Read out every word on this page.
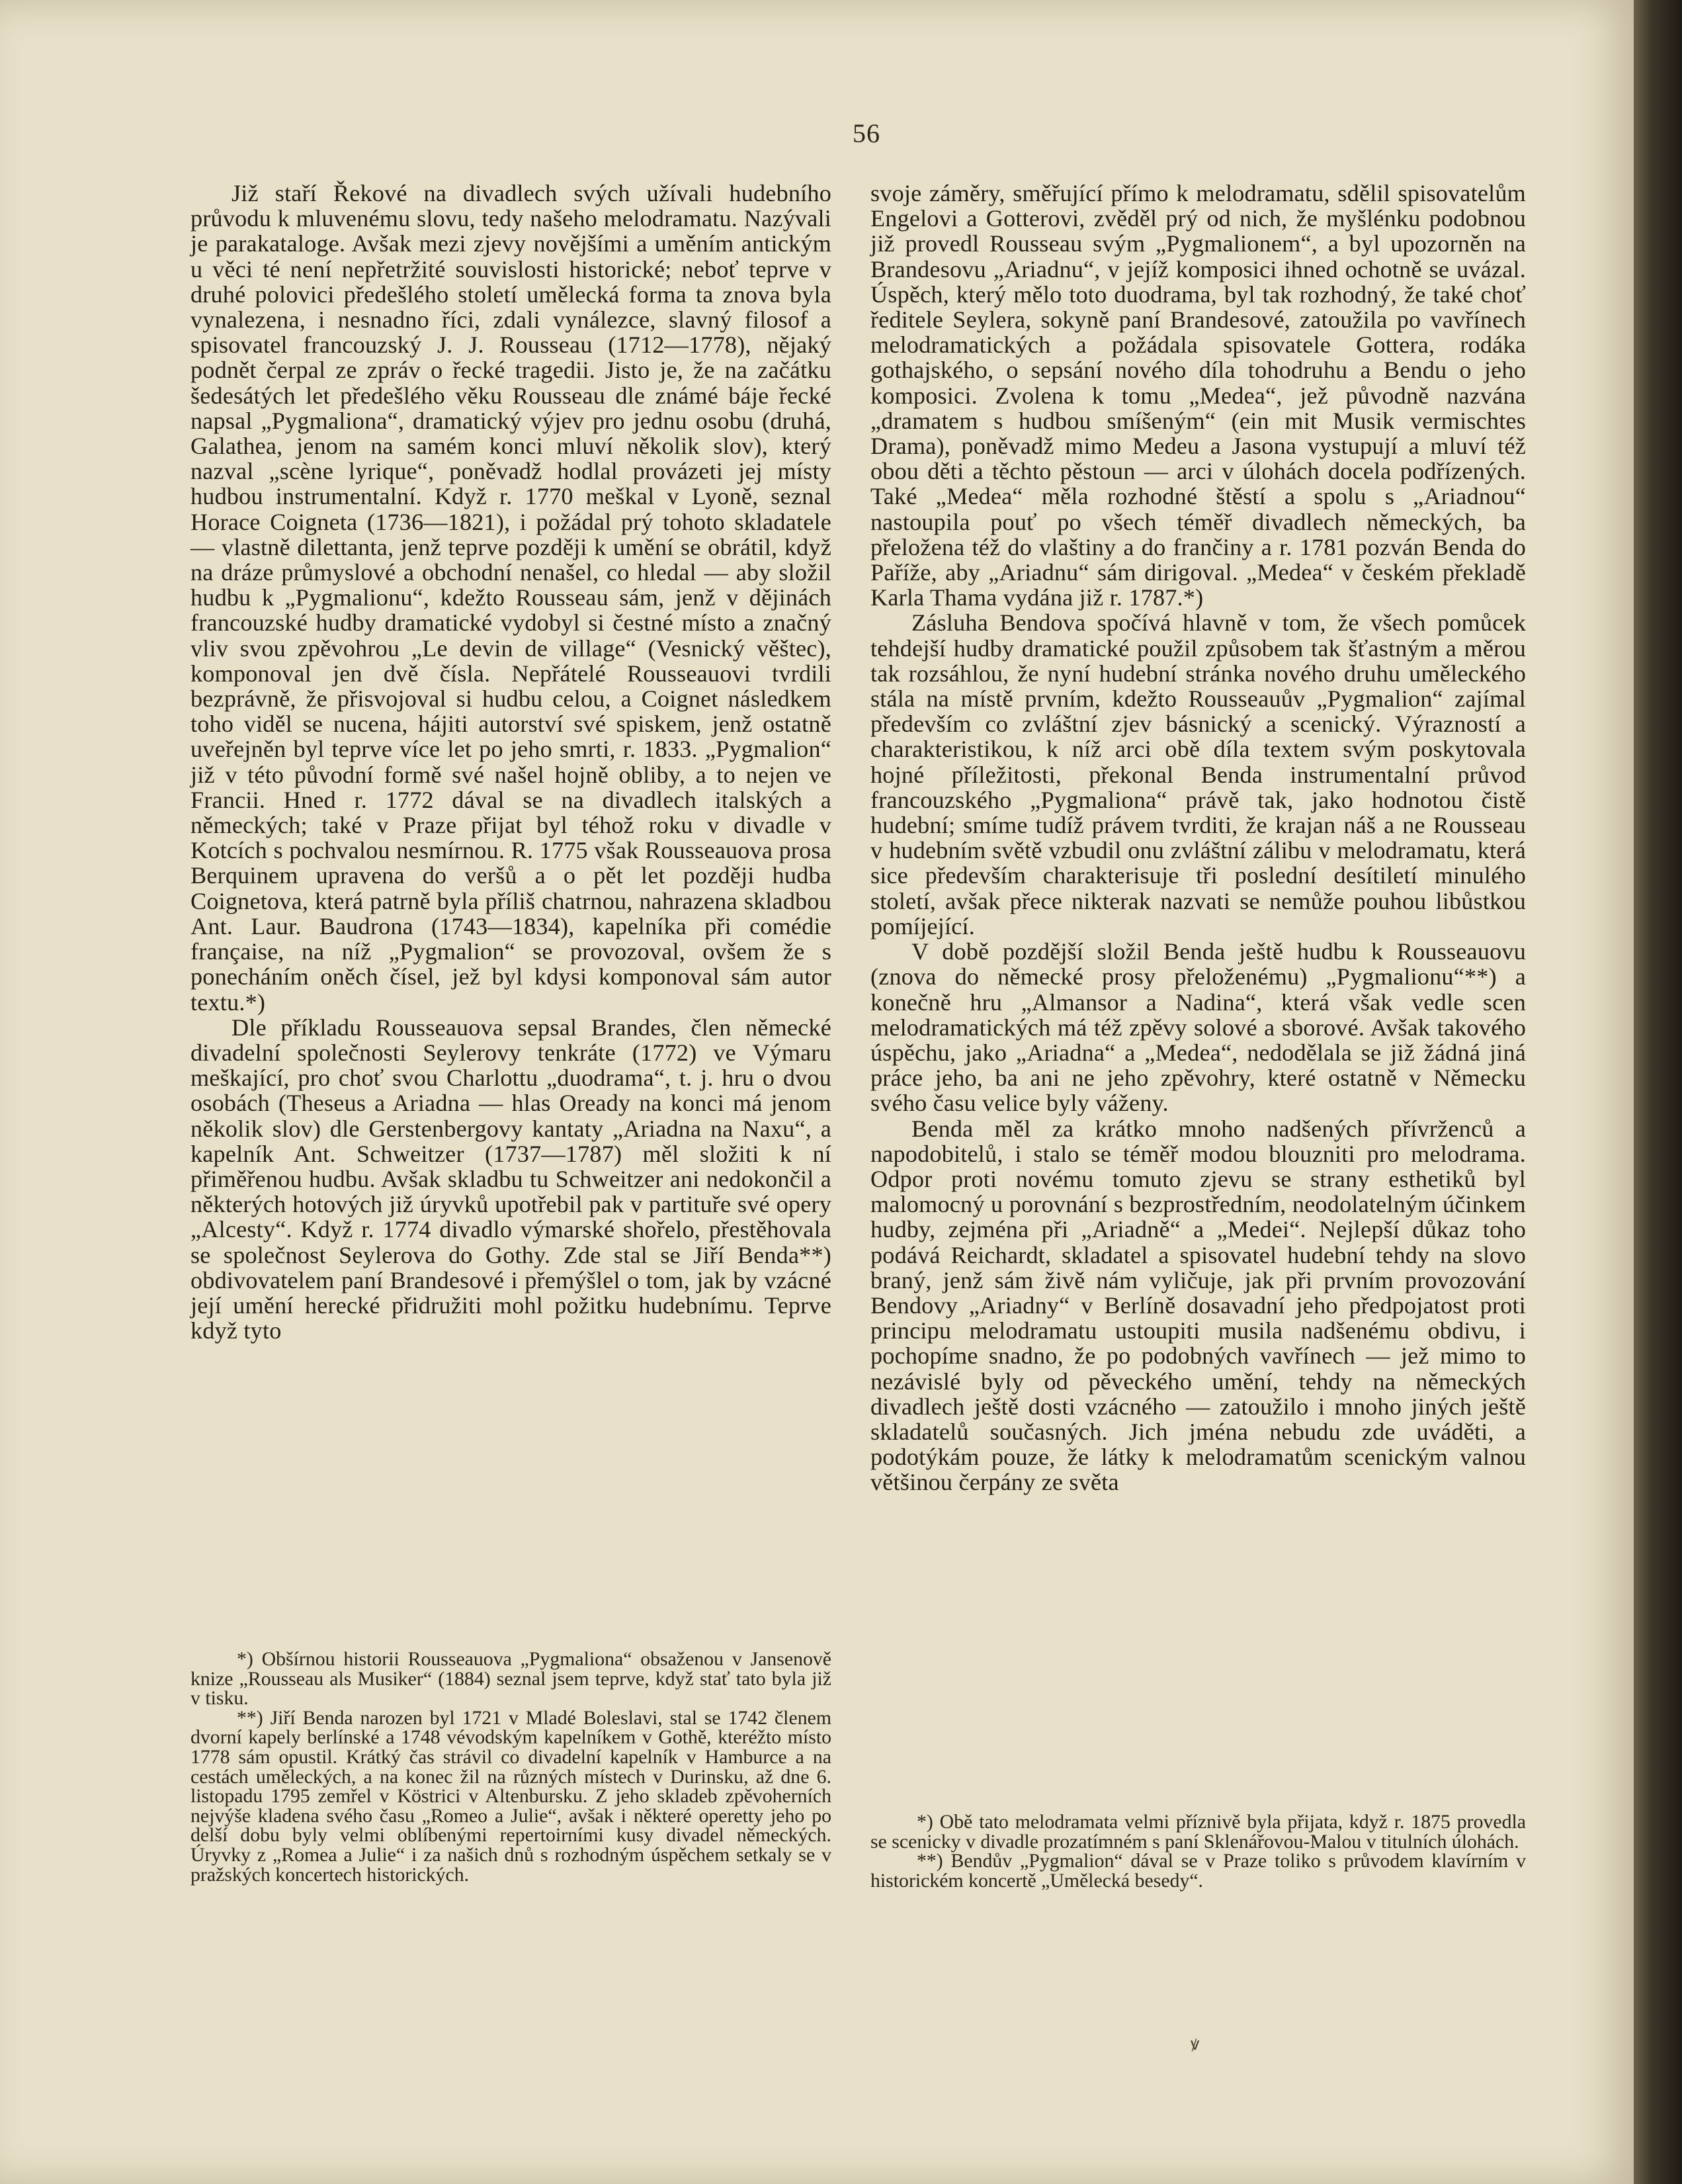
56

Již staří Řekové na divadlech svých užívali hudebního průvodu k mluvenému slovu, tedy našeho melodramatu. Nazývali je parakataloge. Avšak mezi zjevy novějšími a uměním antickým u věci té není nepřetržité souvislosti historické; neboť teprve v druhé polovici předešlého století umělecká forma ta znova byla vynalezena, i nesnadno říci, zdali vynálezce, slavný filosof a spisovatel francouzský J. J. Rousseau (1712—1778), nějaký podnět čerpal ze zpráv o řecké tragedii. Jisto je, že na začátku šedesátých let předešlého věku Rousseau dle známé báje řecké napsal „Pygmaliona“, dramatický výjev pro jednu osobu (druhá, Galathea, jenom na samém konci mluví několik slov), který nazval „scène lyrique“, poněvadž hodlal provázeti jej místy hudbou instrumentalní. Když r. 1770 meškal v Lyoně, seznal Horace Coigneta (1736—1821), i požádal prý tohoto skladatele — vlastně dilettanta, jenž teprve později k umění se obrátil, když na dráze průmyslové a obchodní nenašel, co hledal — aby složil hudbu k „Pygmalionu“, kdežto Rousseau sám, jenž v dějinách francouzské hudby dramatické vydobyl si čestné místo a značný vliv svou zpěvohrou „Le devin de village“ (Vesnický věštec), komponoval jen dvě čísla. Nepřátelé Rousseauovi tvrdili bezprávně, že přisvojoval si hudbu celou, a Coignet následkem toho viděl se nucena, hájiti autorství své spiskem, jenž ostatně uveřejněn byl teprve více let po jeho smrti, r. 1833. „Pygmalion“ již v této původní formě své našel hojně obliby, a to nejen ve Francii. Hned r. 1772 dával se na divadlech italských a německých; také v Praze přijat byl téhož roku v divadle v Kotcích s pochvalou nesmírnou. R. 1775 však Rousseauova prosa Berquinem upravena do veršů a o pět let později hudba Coignetova, která patrně byla příliš chatrnou, nahrazena skladbou Ant. Laur. Baudrona (1743—1834), kapelníka při comédie française, na níž „Pygmalion“ se provozoval, ovšem že s ponecháním oněch čísel, jež byl kdysi komponoval sám autor textu.*)

Dle příkladu Rousseauova sepsal Brandes, člen německé divadelní společnosti Seylerovy tenkráte (1772) ve Výmaru meškající, pro choť svou Charlottu „duodrama“, t. j. hru o dvou osobách (Theseus a Ariadna — hlas Oready na konci má jenom několik slov) dle Gerstenbergovy kantaty „Ariadna na Naxu“, a kapelník Ant. Schweitzer (1737—1787) měl složiti k ní přiměřenou hudbu. Avšak skladbu tu Schweitzer ani nedokončil a některých hotových již úryvků upotřebil pak v partituře své opery „Alcesty“. Když r. 1774 divadlo výmarské shořelo, přestěhovala se společnost Seylerova do Gothy. Zde stal se Jiří Benda**) obdivovatelem paní Brandesové i přemýšlel o tom, jak by vzácné její umění herecké přidružiti mohl požitku hudebnímu. Teprve když tyto

svoje záměry, směřující přímo k melodramatu, sdělil spisovatelům Engelovi a Gotterovi, zvěděl prý od nich, že myšlénku podobnou již provedl Rousseau svým „Pygmalionem“, a byl upozorněn na Brandesovu „Ariadnu“, v jejíž komposici ihned ochotně se uvázal. Úspěch, který mělo toto duodrama, byl tak rozhodný, že také choť ředitele Seylera, sokyně paní Brandesové, zatoužila po vavřínech melodramatických a požádala spisovatele Gottera, rodáka gothajského, o sepsání nového díla tohodruhu a Bendu o jeho komposici. Zvolena k tomu „Medea“, jež původně nazvána „dramatem s hudbou smíšeným“ (ein mit Musik vermischtes Drama), poněvadž mimo Medeu a Jasona vystupují a mluví též obou děti a těchto pěstoun — arci v úlohách docela podřízených. Také „Medea“ měla rozhodné štěstí a spolu s „Ariadnou“ nastoupila pouť po všech téměř divadlech německých, ba přeložena též do vlaštiny a do frančiny a r. 1781 pozván Benda do Paříže, aby „Ariadnu“ sám dirigoval. „Medea“ v českém překladě Karla Thama vydána již r. 1787.*)

Zásluha Bendova spočívá hlavně v tom, že všech pomůcek tehdejší hudby dramatické použil způsobem tak šťastným a měrou tak rozsáhlou, že nyní hudební stránka nového druhu uměleckého stála na místě prvním, kdežto Rousseauův „Pygmalion“ zajímal především co zvláštní zjev básnický a scenický. Výrazností a charakteristikou, k níž arci obě díla textem svým poskytovala hojné příležitosti, překonal Benda instrumentalní průvod francouzského „Pygmaliona“ právě tak, jako hodnotou čistě hudební; smíme tudíž právem tvrditi, že krajan náš a ne Rousseau v hudebním světě vzbudil onu zvláštní zálibu v melodramatu, která sice především charakterisuje tři poslední desítiletí minulého století, avšak přece nikterak nazvati se nemůže pouhou libůstkou pomíjející.

V době pozdější složil Benda ještě hudbu k Rousseauovu (znova do německé prosy přeloženému) „Pygmalionu“**) a konečně hru „Almansor a Nadina“, která však vedle scen melodramatických má též zpěvy solové a sborové. Avšak takového úspěchu, jako „Ariadna“ a „Medea“, nedodělala se již žádná jiná práce jeho, ba ani ne jeho zpěvohry, které ostatně v Německu svého času velice byly váženy.

Benda měl za krátko mnoho nadšených přívrženců a napodobitelů, i stalo se téměř modou blouzniti pro melodrama. Odpor proti novému tomuto zjevu se strany esthetiků byl malomocný u porovnání s bezprostředním, neodolatelným účinkem hudby, zejména při „Ariadně“ a „Medei“. Nejlepší důkaz toho podává Reichardt, skladatel a spisovatel hudební tehdy na slovo braný, jenž sám živě nám vyličuje, jak při prvním provozování Bendovy „Ariadny“ v Berlíně dosavadní jeho předpojatost proti principu melodramatu ustoupiti musila nadšenému obdivu, i pochopíme snadno, že po podobných vavřínech — jež mimo to nezávislé byly od pěveckého umění, tehdy na německých divadlech ještě dosti vzácného — zatoužilo i mnoho jiných ještě skladatelů současných. Jich jména nebudu zde uváděti, a podotýkám pouze, že látky k melodramatům scenickým valnou většinou čerpány ze světa

*) Obšírnou historii Rousseauova „Pygmaliona“ obsaženou v Jansenově knize „Rousseau als Musiker“ (1884) seznal jsem teprve, když stať tato byla již v tisku.

**) Jiří Benda narozen byl 1721 v Mladé Boleslavi, stal se 1742 členem dvorní kapely berlínské a 1748 vévodským kapelníkem v Gothě, kteréžto místo 1778 sám opustil. Krátký čas strávil co divadelní kapelník v Hamburce a na cestách uměleckých, a na konec žil na různých místech v Durinsku, až dne 6. listopadu 1795 zemřel v Köstrici v Altenbursku. Z jeho skladeb zpěvoherních nejvýše kladena svého času „Romeo a Julie“, avšak i některé operetty jeho po delší dobu byly velmi oblíbenými repertoirními kusy divadel německých. Úryvky z „Romea a Julie“ i za našich dnů s rozhodným úspěchem setkaly se v pražských koncertech historických.

*) Obě tato melodramata velmi příznivě byla přijata, když r. 1875 provedla se scenicky v divadle prozatímném s paní Sklenářovou-Malou v titulních úlohách.

**) Bendův „Pygmalion“ dával se v Praze toliko s průvodem klavírním v historickém koncertě „Umělecká besedy“.

ꝟ
